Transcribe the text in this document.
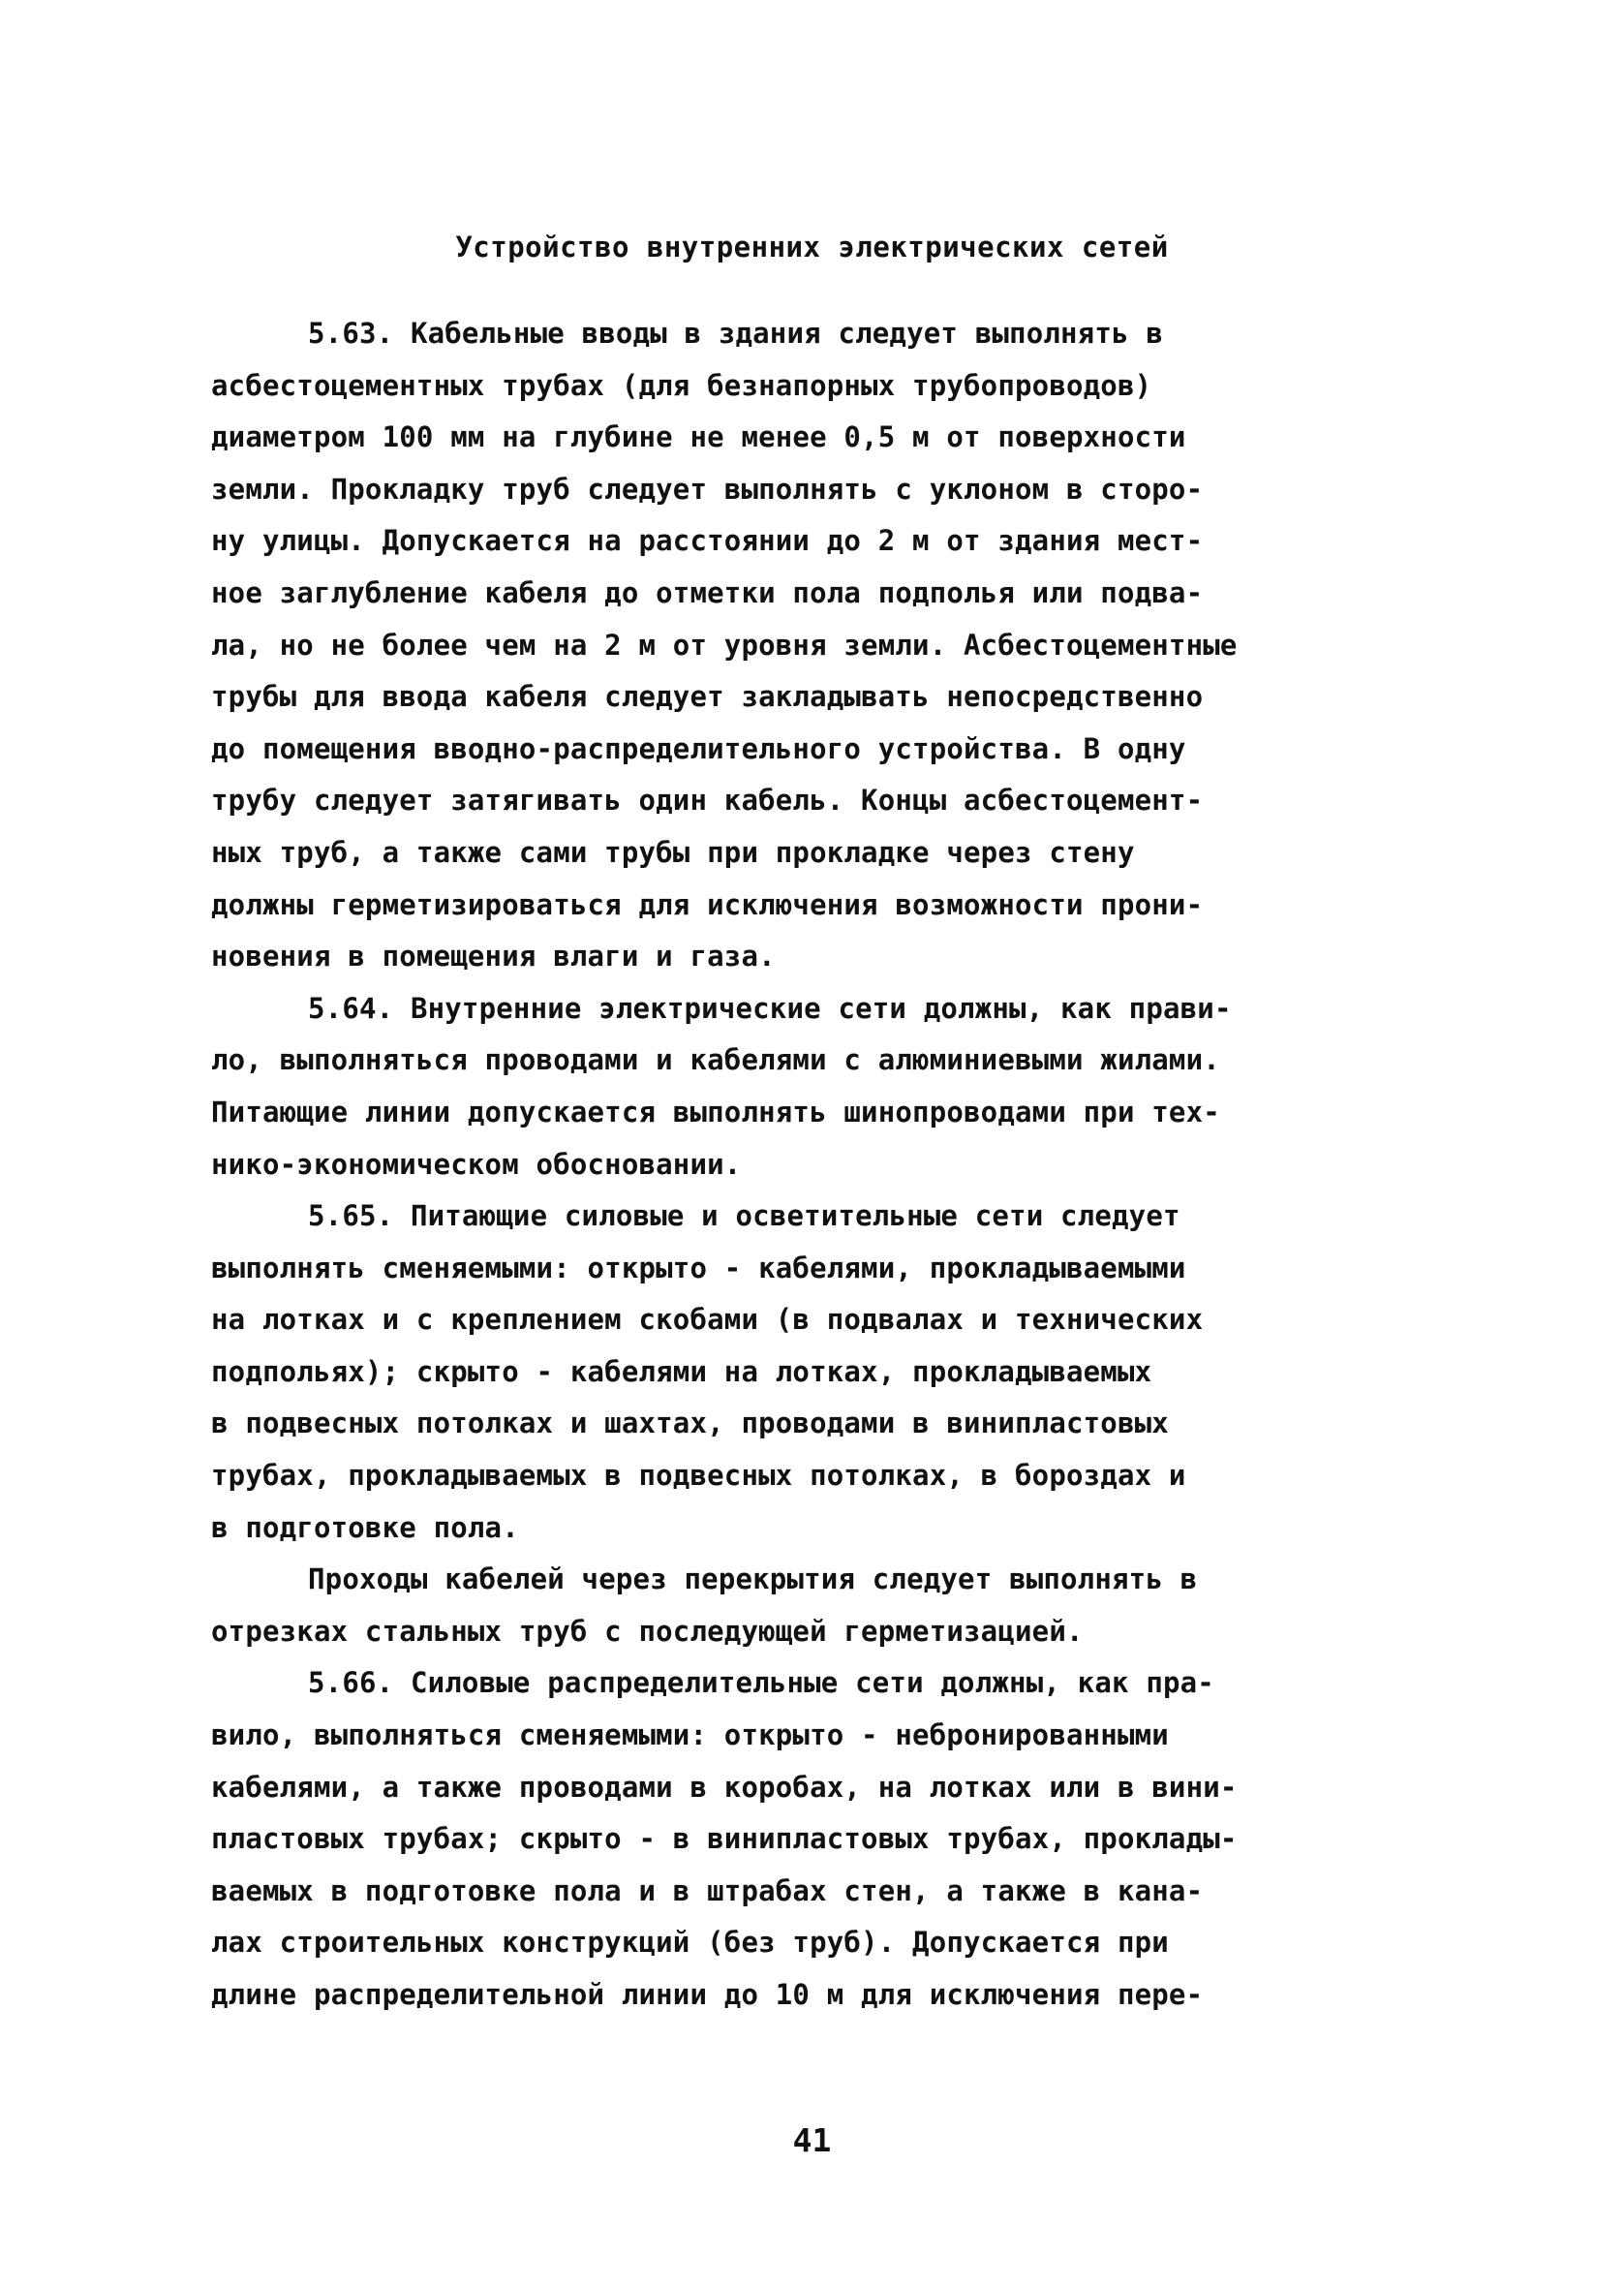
Устройство внутренних электрических сетей
5.63. Кабельные вводы в здания следует выполнять в
асбестоцементных трубах (для безнапорных трубопроводов)
диаметром 100 мм на глубине не менее 0,5 м от поверхности
земли. Прокладку труб следует выполнять с уклоном в сторо-
ну улицы. Допускается на расстоянии до 2 м от здания мест-
ное заглубление кабеля до отметки пола подполья или подва-
ла, но не более чем на 2 м от уровня земли. Асбестоцементные
трубы для ввода кабеля следует закладывать непосредственно
до помещения вводно-распределительного устройства. В одну
трубу следует затягивать один кабель. Концы асбестоцемент-
ных труб, а также сами трубы при прокладке через стену
должны герметизироваться для исключения возможности прони-
новения в помещения влаги и газа.
5.64. Внутренние электрические сети должны, как прави-
ло, выполняться проводами и кабелями с алюминиевыми жилами.
Питающие линии допускается выполнять шинопроводами при тех-
нико-экономическом обосновании.
5.65. Питающие силовые и осветительные сети следует
выполнять сменяемыми: открыто - кабелями, прокладываемыми
на лотках и с креплением скобами (в подвалах и технических
подпольях); скрыто - кабелями на лотках, прокладываемых
в подвесных потолках и шахтах, проводами в винипластовых
трубах, прокладываемых в подвесных потолках, в бороздах и
в подготовке пола.
Проходы кабелей через перекрытия следует выполнять в
отрезках стальных труб с последующей герметизацией.
5.66. Силовые распределительные сети должны, как пра-
вило, выполняться сменяемыми: открыто - небронированными
кабелями, а также проводами в коробах, на лотках или в вини-
пластовых трубах; скрыто - в винипластовых трубах, проклады-
ваемых в подготовке пола и в штрабах стен, а также в кана-
лах строительных конструкций (без труб). Допускается при
длине распределительной линии до 10 м для исключения пере-
41
